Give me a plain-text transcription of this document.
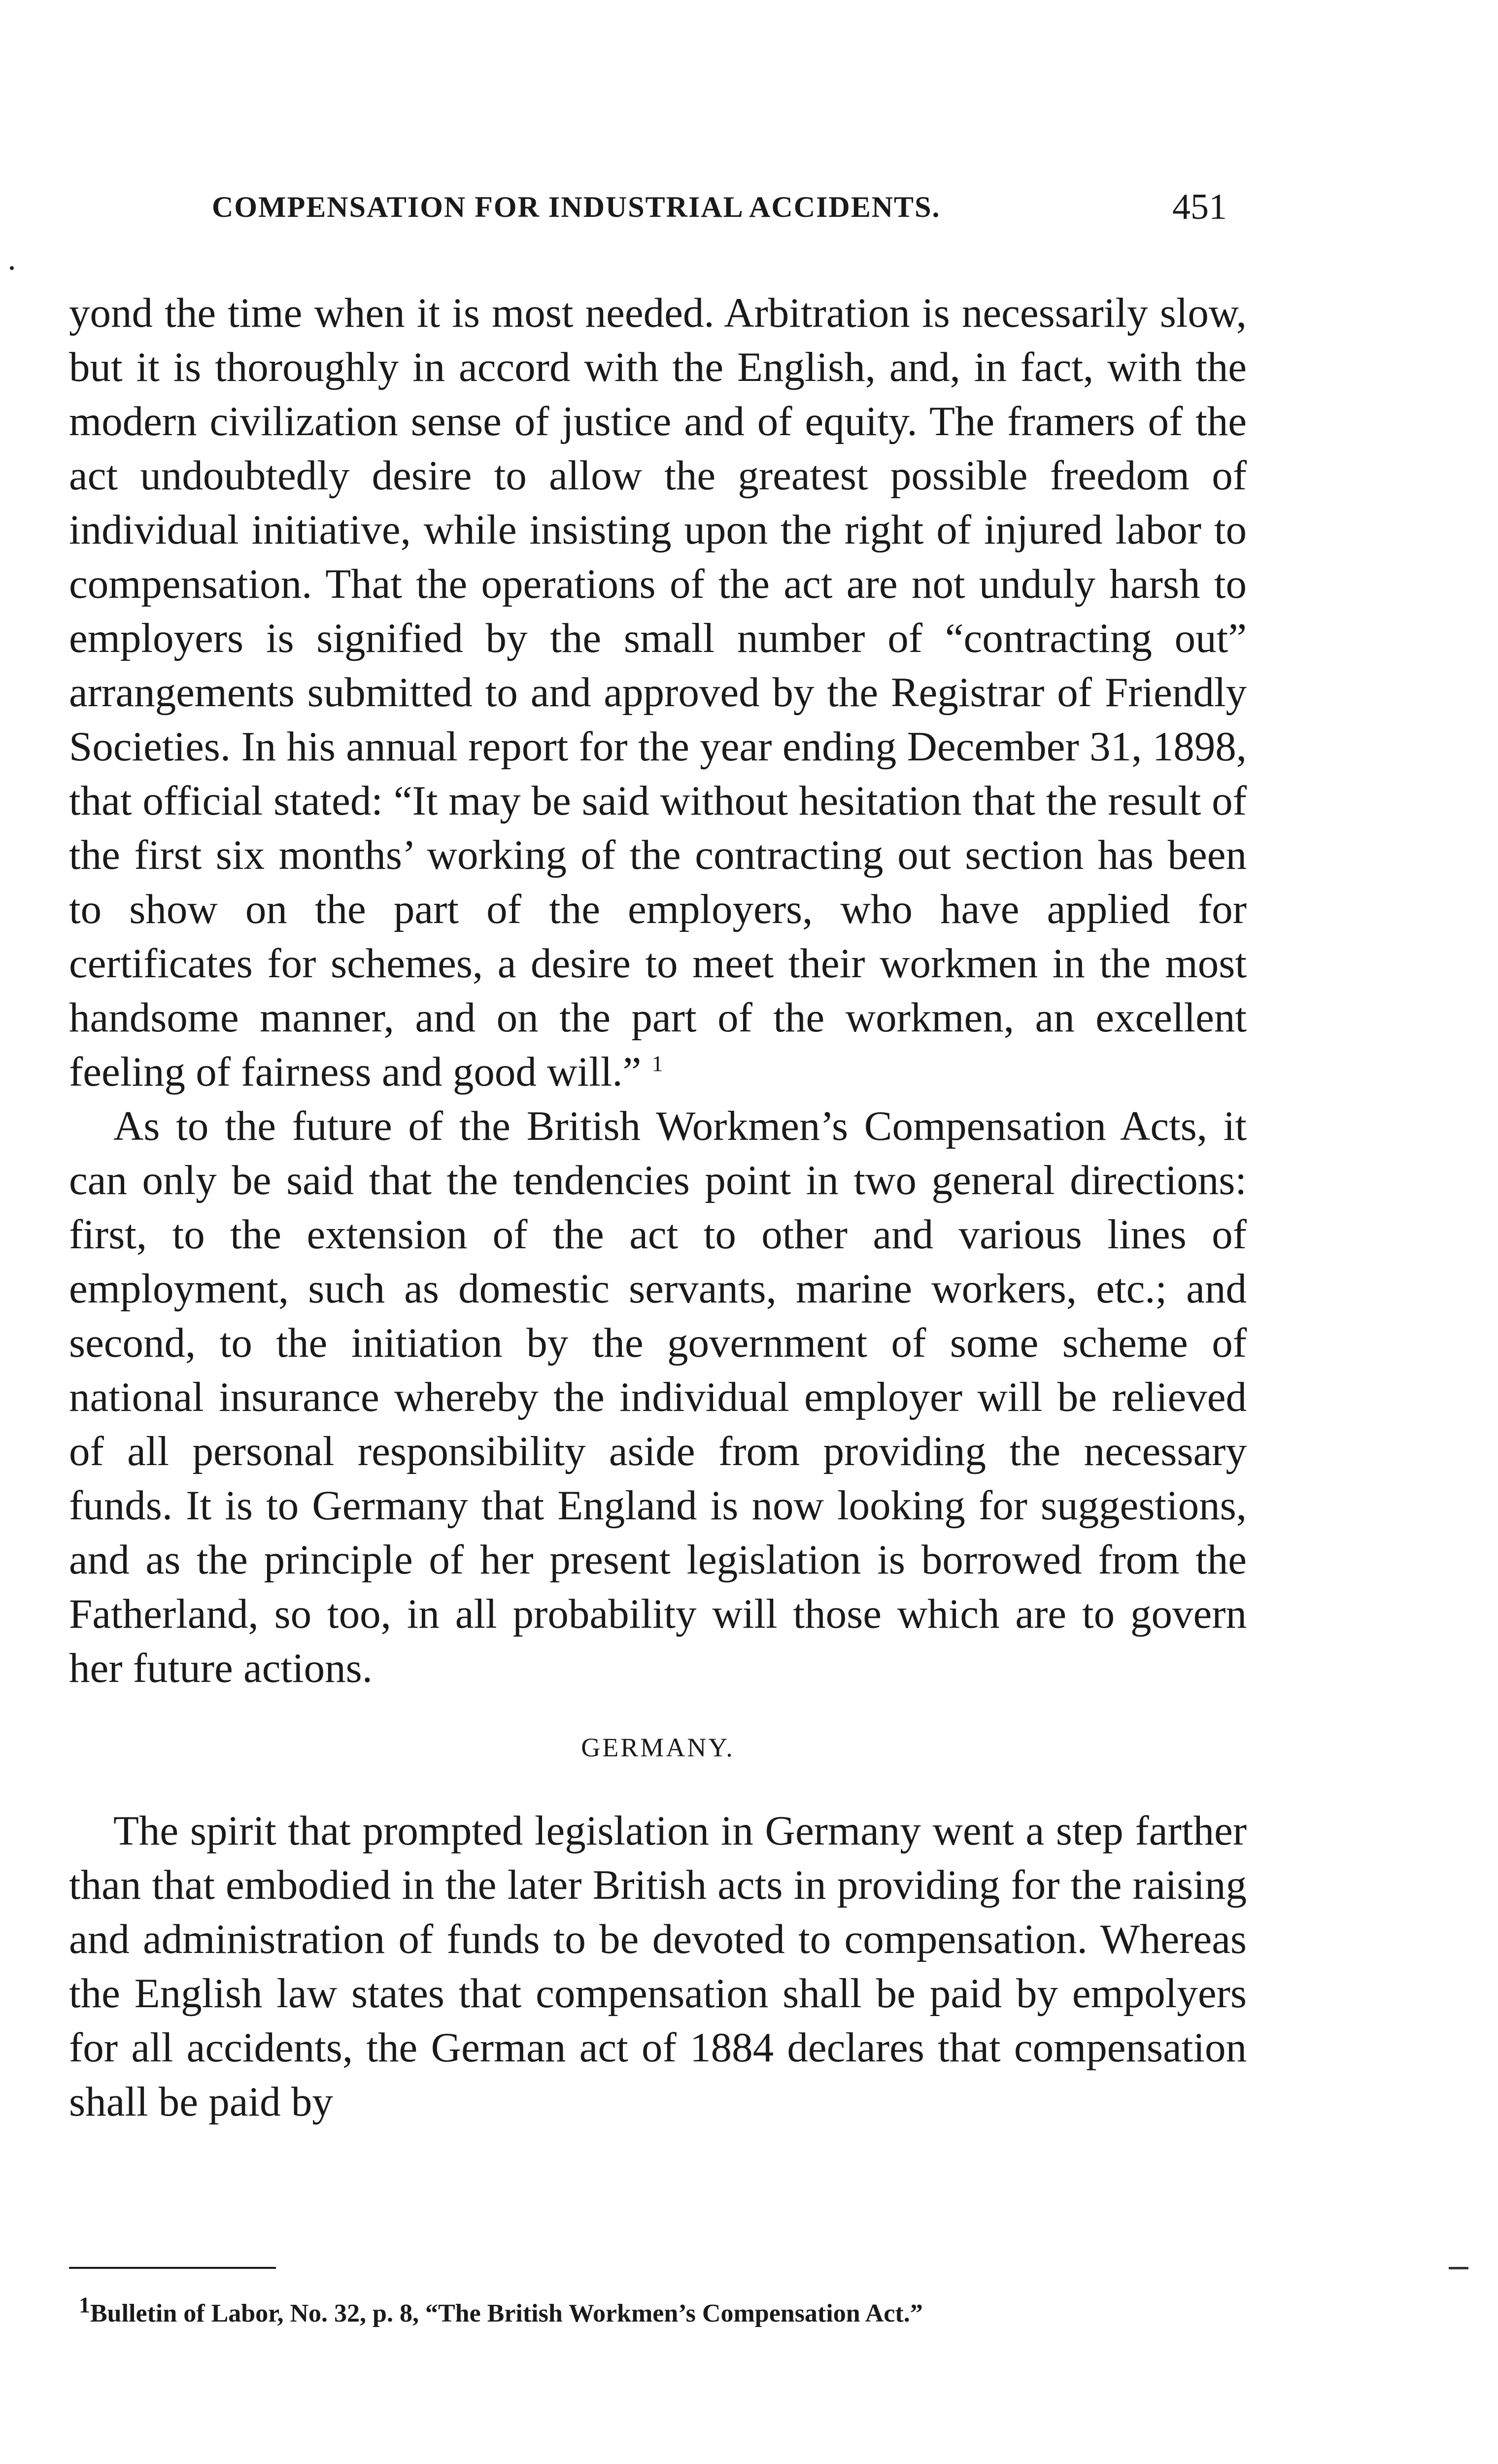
COMPENSATION FOR INDUSTRIAL ACCIDENTS.	451

yond the time when it is most needed. Arbitration is necessarily slow, but it is thoroughly in accord with the English, and, in fact, with the modern civilization sense of justice and of equity. The framers of the act undoubtedly desire to allow the greatest possible freedom of individual initiative, while insisting upon the right of injured labor to compensation. That the operations of the act are not unduly harsh to employers is signified by the small number of “contracting out” arrangements submitted to and approved by the Registrar of Friendly Societies. In his annual report for the year ending December 31, 1898, that official stated: “It may be said without hesitation that the result of the first six months’ working of the contracting out section has been to show on the part of the employers, who have applied for certificates for schemes, a desire to meet their workmen in the most handsome manner, and on the part of the workmen, an excellent feeling of fairness and good will.” $^1$

As to the future of the British Workmen’s Compensation Acts, it can only be said that the tendencies point in two general directions: first, to the extension of the act to other and various lines of employment, such as domestic servants, marine workers, etc.; and second, to the initiation by the government of some scheme of national insurance whereby the individual employer will be relieved of all personal responsibility aside from providing the necessary funds. It is to Germany that England is now looking for suggestions, and as the principle of her present legislation is borrowed from the Fatherland, so too, in all probability will those which are to govern her future actions.

GERMANY.

The spirit that prompted legislation in Germany went a step farther than that embodied in the later British acts in providing for the raising and administration of funds to be devoted to compensation. Whereas the English law states that compensation shall be paid by empolyers for all accidents, the German act of 1884 declares that compensation shall be paid by

$^1$Bulletin of Labor, No. 32, p. 8, “The British Workmen’s Compensation Act.”
